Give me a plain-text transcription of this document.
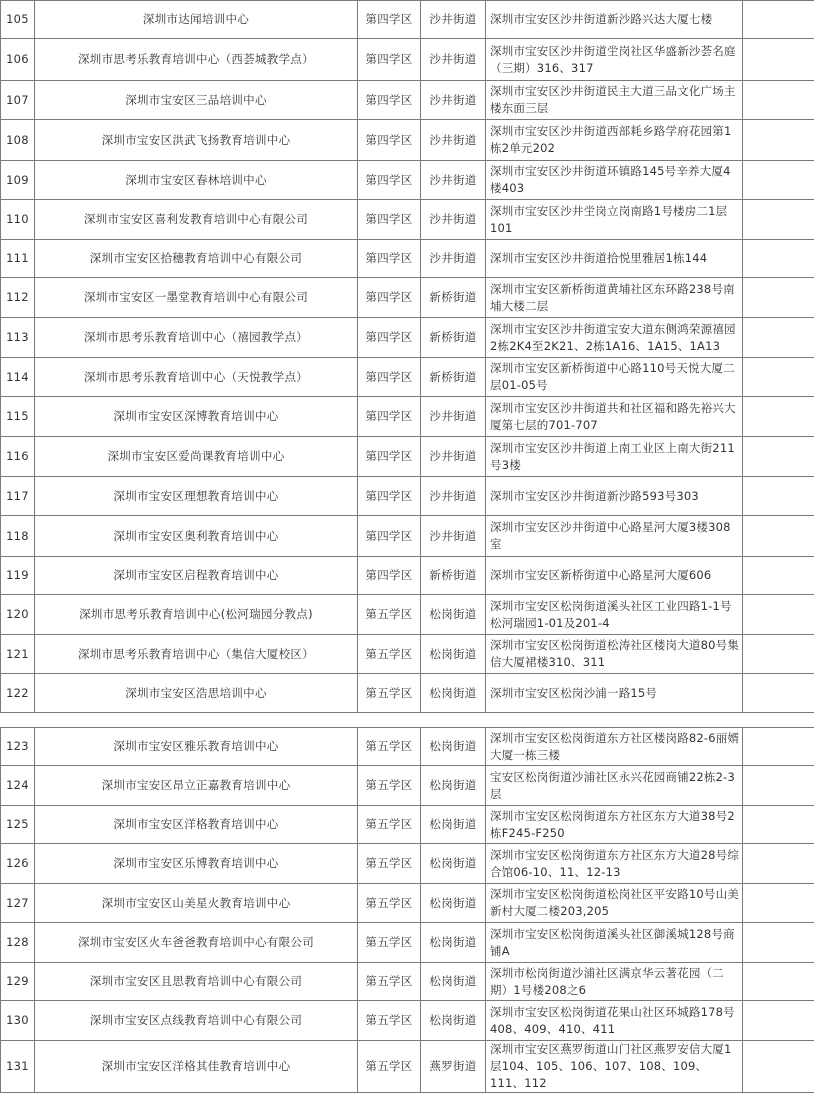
105	深圳市达闻培训中心	第四学区	沙井街道	深圳市宝安区沙井街道新沙路兴达大厦七楼	
106	深圳市思考乐教育培训中心（西荟城教学点）	第四学区	沙井街道	深圳市宝安区沙井街道坣岗社区华盛新沙荟名庭（三期）316、317	
107	深圳市宝安区三品培训中心	第四学区	沙井街道	深圳市宝安区沙井街道民主大道三品文化广场主楼东面三层	
108	深圳市宝安区洪武飞扬教育培训中心	第四学区	沙井街道	深圳市宝安区沙井街道西部耗乡路学府花园第1栋2单元202	
109	深圳市宝安区春林培训中心	第四学区	沙井街道	深圳市宝安区沙井街道环镇路145号辛养大厦4楼403	
110	深圳市宝安区喜利发教育培训中心有限公司	第四学区	沙井街道	深圳市宝安区沙井坣岗立岗南路1号楼房二1层101	
111	深圳市宝安区拾穗教育培训中心有限公司	第四学区	沙井街道	深圳市宝安区沙井街道拾悦里雅居1栋144	
112	深圳市宝安区一墨堂教育培训中心有限公司	第四学区	新桥街道	深圳市宝安区新桥街道黄埔社区东环路238号南埔大楼二层	
113	深圳市思考乐教育培训中心（禧园教学点）	第四学区	新桥街道	深圳市宝安区沙井街道宝安大道东侧鸿荣源禧园2栋2K4至2K21、2栋1A16、1A15、1A13	
114	深圳市思考乐教育培训中心（天悦教学点）	第四学区	新桥街道	深圳市宝安区新桥街道中心路110号天悦大厦二层01-05号	
115	深圳市宝安区深博教育培训中心	第四学区	沙井街道	深圳市宝安区沙井街道共和社区福和路先裕兴大厦第七层的701-707	
116	深圳市宝安区爱尚课教育培训中心	第四学区	沙井街道	深圳市宝安区沙井街道上南工业区上南大街211号3楼	
117	深圳市宝安区理想教育培训中心	第四学区	沙井街道	深圳市宝安区沙井街道新沙路593号303	
118	深圳市宝安区奥利教育培训中心	第四学区	沙井街道	深圳市宝安区沙井街道中心路星河大厦3楼308室	
119	深圳市宝安区启程教育培训中心	第四学区	新桥街道	深圳市宝安区新桥街道中心路星河大厦606	
120	深圳市思考乐教育培训中心(松河瑞园分教点)	第五学区	松岗街道	深圳市宝安区松岗街道溪头社区工业四路1-1号松河瑞园1-01及201-4	
121	深圳市思考乐教育培训中心（集信大厦校区）	第五学区	松岗街道	深圳市宝安区松岗街道松涛社区楼岗大道80号集信大厦裙楼310、311	
122	深圳市宝安区浩思培训中心	第五学区	松岗街道	深圳市宝安区松岗沙浦一路15号	
123	深圳市宝安区雅乐教育培训中心	第五学区	松岗街道	深圳市宝安区松岗街道东方社区楼岗路82-6丽婿大厦一栋三楼	
124	深圳市宝安区昂立正嘉教育培训中心	第五学区	松岗街道	宝安区松岗街道沙浦社区永兴花园商铺22栋2-3层	
125	深圳市宝安区洋格教育培训中心	第五学区	松岗街道	深圳市宝安区松岗街道东方社区东方大道38号2栋F245-F250	
126	深圳市宝安区乐博教育培训中心	第五学区	松岗街道	深圳市宝安区松岗街道东方社区东方大道28号综合馆06-10、11、12-13	
127	深圳市宝安区山美星火教育培训中心	第五学区	松岗街道	深圳市宝安区松岗街道松岗社区平安路10号山美新村大厦二楼203,205	
128	深圳市宝安区火车爸爸教育培训中心有限公司	第五学区	松岗街道	深圳市宝安区松岗街道溪头社区御溪城128号商铺A	
129	深圳市宝安区且思教育培训中心有限公司	第五学区	松岗街道	深圳市松岗街道沙浦社区满京华云著花园（二期）1号楼208之6	
130	深圳市宝安区点线教育培训中心有限公司	第五学区	松岗街道	深圳市宝安区松岗街道花果山社区环城路178号408、409、410、411	
131	深圳市宝安区洋格其佳教育培训中心	第五学区	燕罗街道	深圳市宝安区燕罗街道山门社区燕罗安信大厦1层104、105、106、107、108、109、111、112	
